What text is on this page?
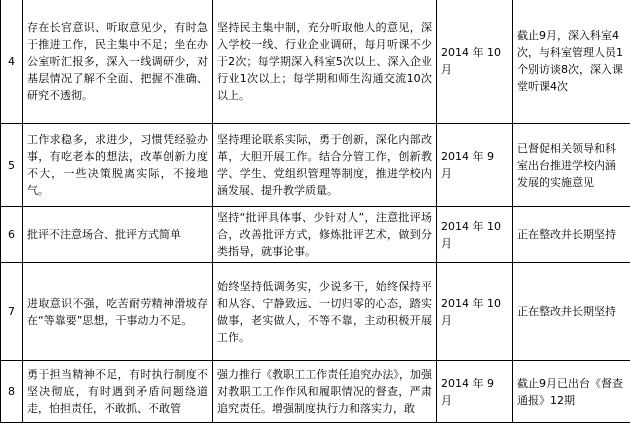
4	存在长官意识、听取意见少，有时急于推进工作，民主集中不足；坐在办公室听汇报多，深入一线调研少，对基层情况了解不全面、把握不准确、研究不透彻。	坚持民主集中制，充分听取他人的意见，深入学校一线、行业企业调研，每月听课不少于2次；每学期深入科室5次以上、深入企业行业1次以上；每学期和师生沟通交流10次以上。	2014 年 10 月	截止9月，深入科室4次，与科室管理人员1个别访谈8次，深入课堂听课4次
5	工作求稳多，求进少，习惯凭经验办事，有吃老本的想法，改革创新力度不大，一些决策脱离实际，不接地气。	坚持理论联系实际，勇于创新，深化内部改革，大胆开展工作。结合分管工作，创新教学、学生、党组织管理等制度，推进学校内涵发展、提升教学质量。	2014 年 9 月	已督促相关领导和科室出台推进学校内涵发展的实施意见
6	批评不注意场合、批评方式简单	坚持“批评具体事、少针对人”，注意批评场合，改善批评方式，修炼批评艺术，做到分类指导，就事论事。	2014 年 10 月	正在整改并长期坚持
7	进取意识不强，吃苦耐劳精神滑坡存在“等靠要”思想，干事动力不足。	始终坚持低调务实，少说多干，始终保持平和从容、宁静致远、一切归零的心态，踏实做事，老实做人，不等不靠，主动积极开展工作。	2014 年 10 月	正在整改并长期坚持
8	勇于担当精神不足，有时执行制度不坚决彻底，有时遇到矛盾问题绕道走，怕担责任，不敢抓、不敢管	强力推行《教职工工作责任追究办法》，加强对教职工工作作风和履职情况的督查，严肃追究责任。增强制度执行力和落实力，敢	2014 年 9 月	截止9月已出台《督查通报》12期
